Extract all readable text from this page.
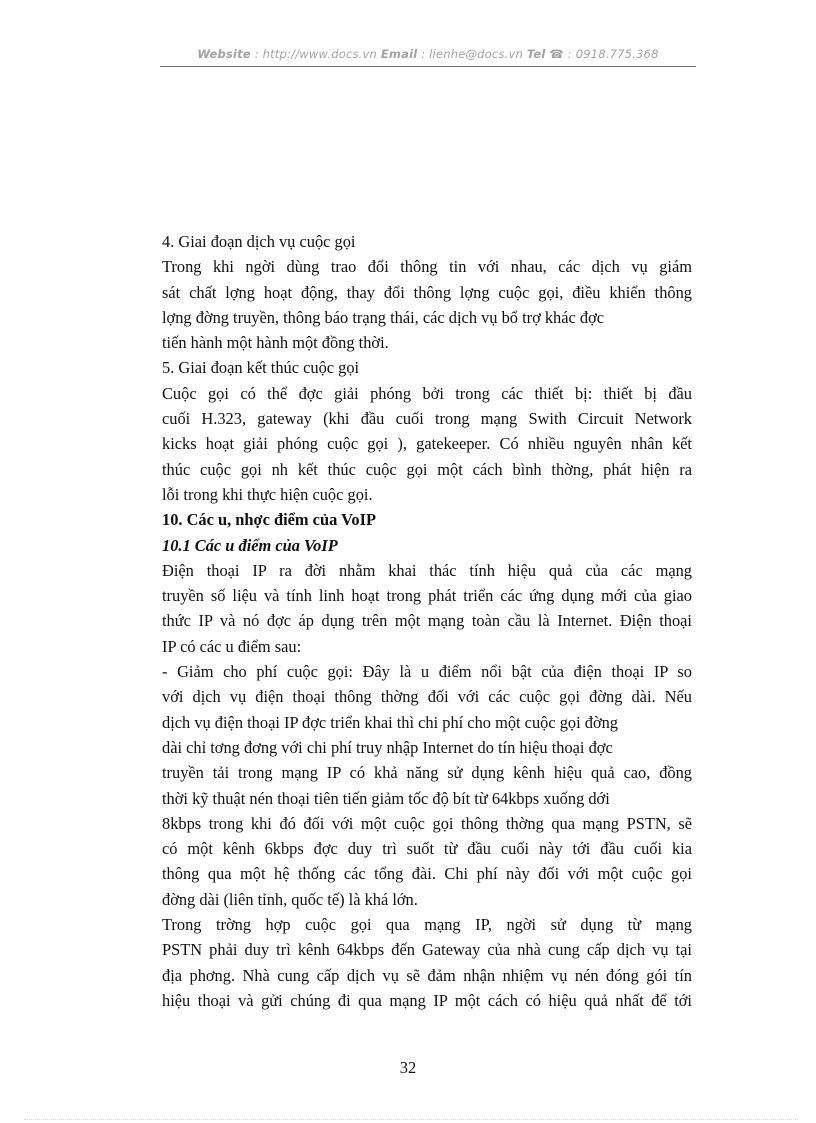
Website : http://www.docs.vn Email : lienhe@docs.vn Tel ☎ : 0918.775.368
4. Giai đoạn dịch vụ cuộc gọi
Trong khi ngời dùng trao đổi thông tin với nhau, các dịch vụ giám
sát chất lợng hoạt động, thay đổi thông lợng cuộc gọi, điều khiển thông
lợng đờng truyền, thông báo trạng thái, các dịch vụ bổ trợ khác đợc
tiến hành một hành một đồng thời.
5. Giai đoạn kết thúc cuộc gọi
Cuộc gọi có thể đợc giải phóng bởi trong các thiết bị: thiết bị đầu
cuối H.323, gateway (khi đầu cuối trong mạng Swith Circuit Network
kicks hoạt giải phóng cuộc gọi ), gatekeeper. Có nhiều nguyên nhân kết
thúc cuộc gọi nh kết thúc cuộc gọi một cách bình thờng, phát hiện ra
lỗi trong khi thực hiện cuộc gọi.
10. Các u, nhợc điểm của VoIP
10.1 Các u điểm của VoIP
Điện thoại IP ra đời nhằm khai thác tính hiệu quả của các mạng
truyền số liệu và tính linh hoạt trong phát triển các ứng dụng mới của giao
thức IP và nó đợc áp dụng trên một mạng toàn cầu là Internet. Điện thoại
IP có các u điểm sau:
- Giảm cho phí cuộc gọi: Đây là u điểm nổi bật của điện thoại IP so
với dịch vụ điện thoại thông thờng đối với các cuộc gọi đờng dài. Nếu
dịch vụ điện thoại IP đợc triển khai thì chi phí cho một cuộc gọi đờng
dài chỉ tơng đơng với chi phí truy nhập Internet do tín hiệu thoại đợc
truyền tải trong mạng IP có khả năng sử dụng kênh hiệu quả cao, đồng
thời kỹ thuật nén thoại tiên tiến giảm tốc độ bít từ 64kbps xuống dới
8kbps trong khi đó đối với một cuộc gọi thông thờng qua mạng PSTN, sẽ
có một kênh 6kbps đợc duy trì suốt từ đầu cuối này tới đầu cuối kia
thông qua một hệ thống các tổng đài. Chi phí này đối với một cuộc gọi
đờng dài (liên tỉnh, quốc tế) là khá lớn.
Trong trờng hợp cuộc gọi qua mạng IP, ngời sử dụng từ mạng
PSTN phải duy trì kênh 64kbps đến Gateway của nhà cung cấp dịch vụ tại
địa phơng. Nhà cung cấp dịch vụ sẽ đảm nhận nhiệm vụ nén đóng gói tín
hiệu thoại và gửi chúng đi qua mạng IP một cách có hiệu quả nhất để tới
32
